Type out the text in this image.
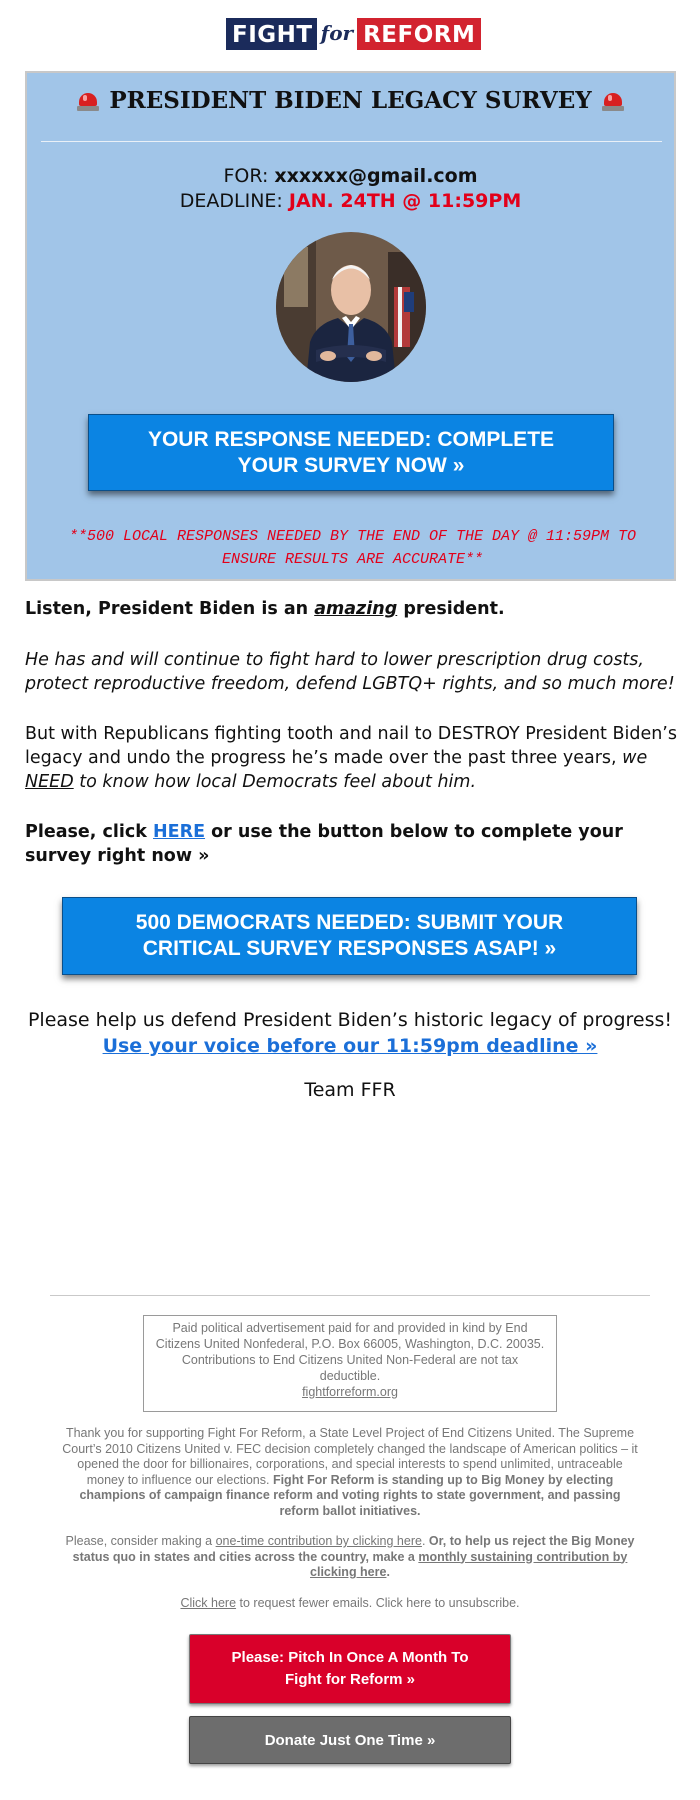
FIGHT for REFORM
PRESIDENT BIDEN LEGACY SURVEY
FOR: xxxxxx@gmail.com
DEADLINE: JAN. 24TH @ 11:59PM
YOUR RESPONSE NEEDED: COMPLETE YOUR SURVEY NOW »
**500 LOCAL RESPONSES NEEDED BY THE END OF THE DAY @ 11:59PM TO ENSURE RESULTS ARE ACCURATE**
Listen, President Biden is an amazing president.
He has and will continue to fight hard to lower prescription drug costs, protect reproductive freedom, defend LGBTQ+ rights, and so much more!
But with Republicans fighting tooth and nail to DESTROY President Biden’s legacy and undo the progress he’s made over the past three years, we NEED to know how local Democrats feel about him.
Please, click HERE or use the button below to complete your survey right now »
500 DEMOCRATS NEEDED: SUBMIT YOUR CRITICAL SURVEY RESPONSES ASAP! »
Please help us defend President Biden’s historic legacy of progress!
Use your voice before our 11:59pm deadline »
Team FFR
Paid political advertisement paid for and provided in kind by End Citizens United Nonfederal, P.O. Box 66005, Washington, D.C. 20035. Contributions to End Citizens United Non-Federal are not tax deductible.
fightforreform.org
Thank you for supporting Fight For Reform, a State Level Project of End Citizens United. The Supreme Court’s 2010 Citizens United v. FEC decision completely changed the landscape of American politics – it opened the door for billionaires, corporations, and special interests to spend unlimited, untraceable money to influence our elections. Fight For Reform is standing up to Big Money by electing champions of campaign finance reform and voting rights to state government, and passing reform ballot initiatives.
Please, consider making a one-time contribution by clicking here. Or, to help us reject the Big Money status quo in states and cities across the country, make a monthly sustaining contribution by clicking here.
Click here to request fewer emails. Click here to unsubscribe.
Please: Pitch In Once A Month To Fight for Reform »
Donate Just One Time »
